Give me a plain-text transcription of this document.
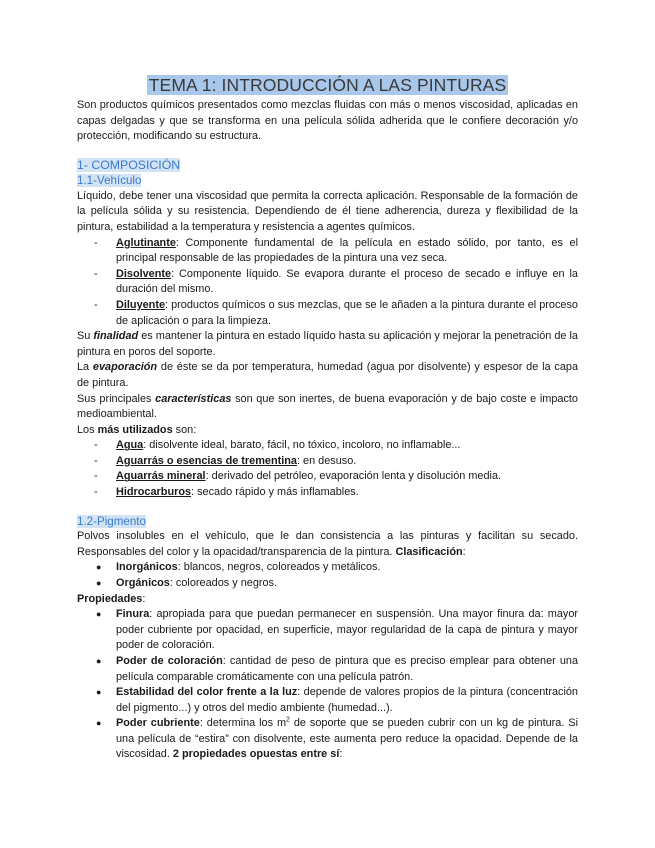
TEMA 1: INTRODUCCIÓN A LAS PINTURAS

Son productos químicos presentados como mezclas fluidas con más o menos viscosidad, aplicadas en capas delgadas y que se transforma en una película sólida adherida que le confiere decoración y/o protección, modificando su estructura.

1- COMPOSICIÓN
1.1-Vehículo

Líquido, debe tener una viscosidad que permita la correcta aplicación. Responsable de la formación de la película sólida y su resistencia. Dependiendo de él tiene adherencia, dureza y flexibilidad de la pintura, estabilidad a la temperatura y resistencia a agentes químicos.

- Aglutinante: Componente fundamental de la película en estado sólido, por tanto, es el principal responsable de las propiedades de la pintura una vez seca.
- Disolvente: Componente líquido. Se evapora durante el proceso de secado e influye en la duración del mismo.
- Diluyente: productos químicos o sus mezclas, que se le añaden a la pintura durante el proceso de aplicación o para la limpieza.

Su finalidad es mantener la pintura en estado líquido hasta su aplicación y mejorar la penetración de la pintura en poros del soporte.

La evaporación de éste se da por temperatura, humedad (agua por disolvente) y espesor de la capa de pintura.

Sus principales características son que son inertes, de buena evaporación y de bajo coste e impacto medioambiental.

Los más utilizados son:

- Agua: disolvente ideal, barato, fácil, no tóxico, incoloro, no inflamable...
- Aguarrás o esencias de trementina: en desuso.
- Aguarrás mineral: derivado del petróleo, evaporación lenta y disolución media.
- Hidrocarburos: secado rápido y más inflamables.
1.2-Pigmento

Polvos insolubles en el vehículo, que le dan consistencia a las pinturas y facilitan su secado. Responsables del color y la opacidad/transparencia de la pintura. Clasificación:

● Inorgánicos: blancos, negros, coloreados y metálicos.
● Orgánicos: coloreados y negros.

Propiedades:

● Finura: apropiada para que puedan permanecer en suspensión. Una mayor finura da: mayor poder cubriente por opacidad, en superficie, mayor regularidad de la capa de pintura y mayor poder de coloración.
● Poder de coloración: cantidad de peso de pintura que es preciso emplear para obtener una película comparable cromáticamente con una película patrón.
● Estabilidad del color frente a la luz: depende de valores propios de la pintura (concentración del pigmento...) y otros del medio ambiente (humedad...).
● Poder cubriente: determina los $m^2$ de soporte que se pueden cubrir con un kg de pintura. Si una película de “estira” con disolvente, este aumenta pero reduce la opacidad. Depende de la viscosidad. 2 propiedades opuestas entre sí:
